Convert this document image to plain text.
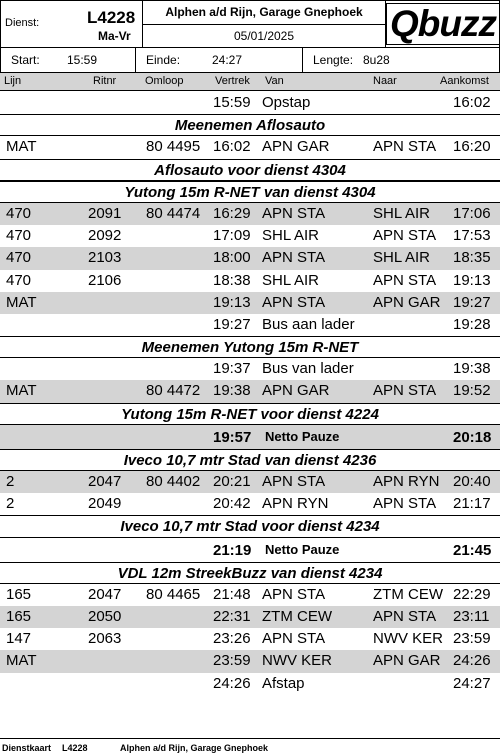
Dienst:	L4228
Ma-Vr
Alphen a/d Rijn, Garage Gnephoek
05/01/2025	Qbuzz
Start: 15:59	Einde:	24:27	Lengte: 8u28
Lijn	Ritnr	Omloop	Vertrek Van	Naar	Aankomst
15:59 Opstap	16:02
Meenemen Aflosauto
MAT	80 4495 16:02 APN GAR	APN STA 16:20
Aflosauto voor dienst 4304
Yutong 15m R-NET van dienst 4304
470	2091 80 4474 16:29 APN STA	SHL AIR 17:06
470	2092	17:09 SHL AIR	APN STA 17:53
470	2103	18:00 APN STA	SHL AIR 18:35
470	2106	18:38 SHL AIR	APN STA 19:13
MAT	19:13 APN STA	APN GAR 19:27
19:27 Bus aan lader	19:28
Meenemen Yutong 15m R-NET
19:37 Bus van lader	19:38
MAT	80 4472 19:38 APN GAR	APN STA 19:52
Yutong 15m R-NET voor dienst 4224
19:57 Netto Pauze	20:18
Iveco 10,7 mtr Stad van dienst 4236
2	2047 80 4402 20:21 APN STA	APN RYN 20:40
2	2049	20:42 APN RYN	APN STA 21:17
Iveco 10,7 mtr Stad voor dienst 4234
21:19 Netto Pauze	21:45
VDL 12m StreekBuzz van dienst 4234
165	2047 80 4465 21:48 APN STA	ZTM CEW 22:29
165	2050	22:31 ZTM CEW	APN STA 23:11
147	2063	23:26 APN STA	NWV KER 23:59
MAT	23:59 NWV KER	APN GAR 24:26
24:26 Afstap	24:27
Dienstkaart L4228	Alphen a/d Rijn, Garage Gnephoek
